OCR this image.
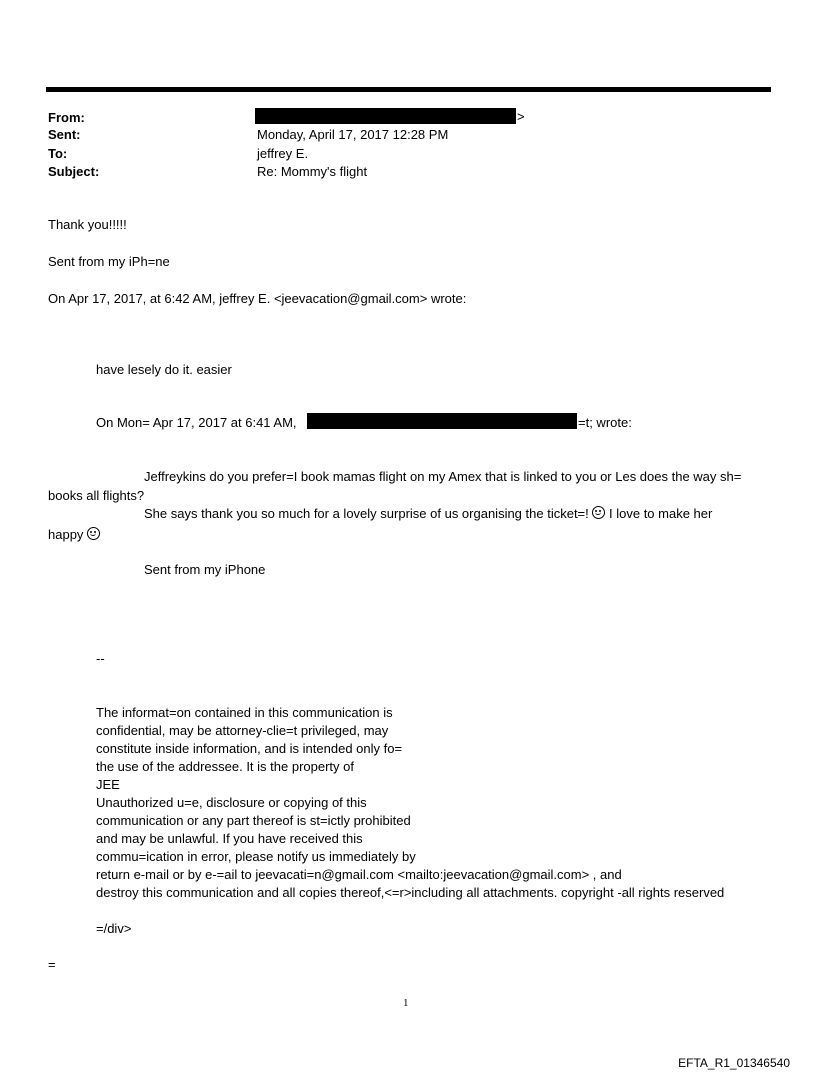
From:	>
Sent:	Monday, April 17, 2017 12:28 PM
To:	jeffrey E.
Subject:	Re: Mommy's flight
Thank you!!!!!
Sent from my iPh=ne
On Apr 17, 2017, at 6:42 AM, jeffrey E. <jeevacation@gmail.com> wrote:
have lesely do it. easier
On Mon= Apr 17, 2017 at 6:41 AM,	=t; wrote:
Jeffreykins do you prefer=I book mamas flight on my Amex that is linked to you or Les does the way sh=
books all flights?
She says thank you so much for a lovely surprise of us organising the ticket=! I love to make her
happy
Sent from my iPhone
--
The informat=on contained in this communication is
confidential, may be attorney-clie=t privileged, may
constitute inside information, and is intended only fo=
the use of the addressee. It is the property of
JEE
Unauthorized u=e, disclosure or copying of this
communication or any part thereof is st=ictly prohibited
and may be unlawful. If you have received this
commu=ication in error, please notify us immediately by
return e-mail or by e-=ail to jeevacati=n@gmail.com <mailto:jeevacation@gmail.com> , and
destroy this communication and all copies thereof,<=r>including all attachments. copyright -all rights reserved
=/div>
=
1
EFTA_R1_01346540
